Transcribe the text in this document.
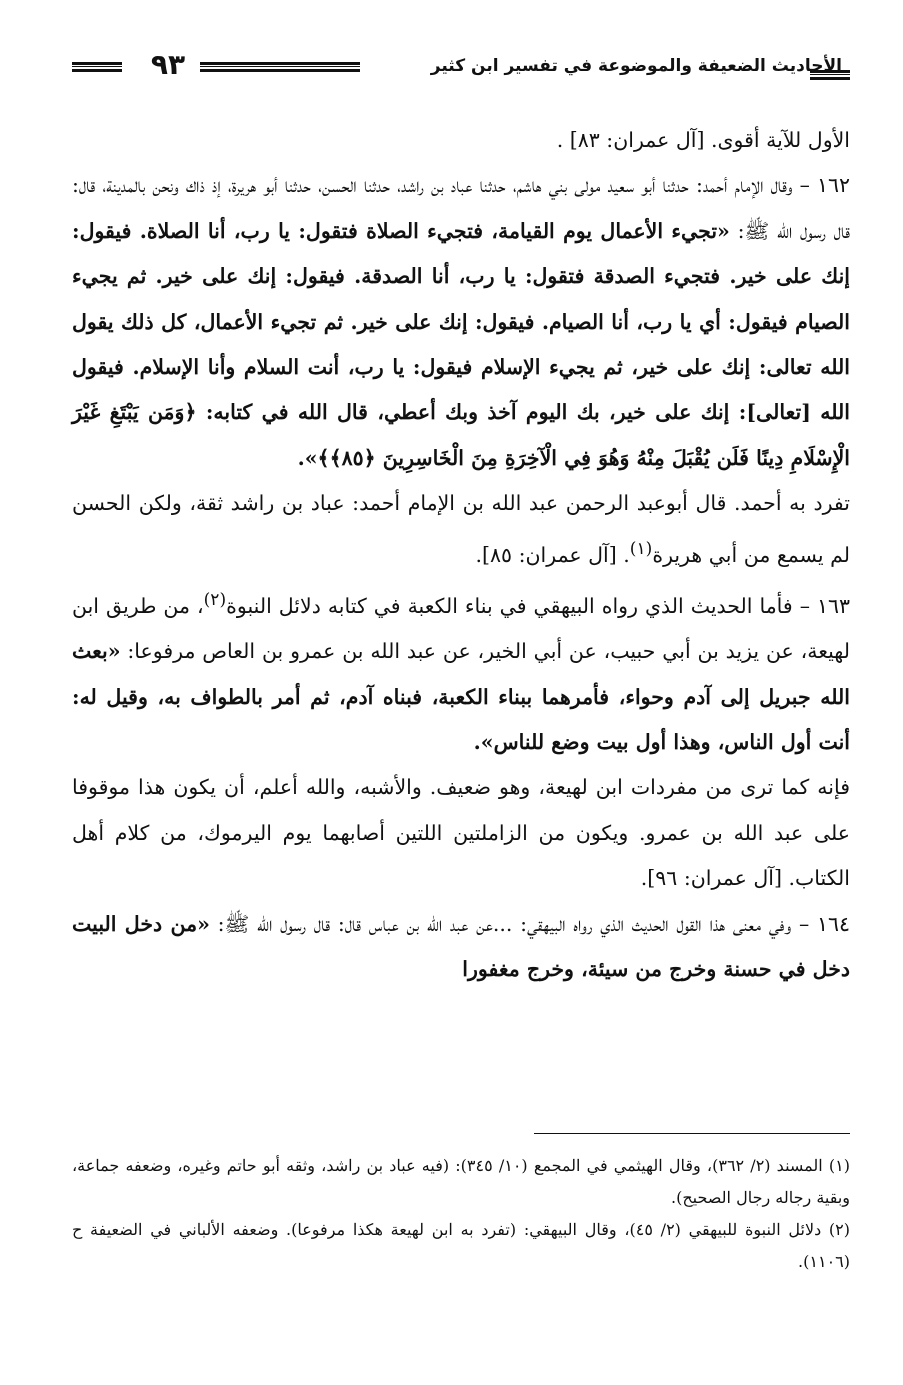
٩٣	الأحاديث الضعيفة والموضوعة في تفسير ابن كثير

الأول للآية أقوى. [آل عمران: ٨٣] .

١٦٢ – وقال الإمام أحمد: حدثنا أبو سعيد مولى بني هاشم، حدثنا عباد بن راشد، حدثنا الحسن، حدثنا أبو هريرة، إذ ذاك ونحن بالمدينة، قال: قال رسول الله ﷺ: «تجيء الأعمال يوم القيامة، فتجيء الصلاة فتقول: يا رب، أنا الصلاة. فيقول: إنك على خير. فتجيء الصدقة فتقول: يا رب، أنا الصدقة. فيقول: إنك على خير. ثم يجيء الصيام فيقول: أي يا رب، أنا الصيام. فيقول: إنك على خير. ثم تجيء الأعمال، كل ذلك يقول الله تعالى: إنك على خير، ثم يجيء الإسلام فيقول: يا رب، أنت السلام وأنا الإسلام. فيقول الله [تعالى]: إنك على خير، بك اليوم آخذ وبك أعطي، قال الله في كتابه: ﴿وَمَن يَبْتَغِ غَيْرَ الْإِسْلَامِ دِينًا فَلَن يُقْبَلَ مِنْهُ وَهُوَ فِي الْآخِرَةِ مِنَ الْخَاسِرِينَ ﴿٨٥﴾﴾».

تفرد به أحمد. قال أبوعبد الرحمن عبد الله بن الإمام أحمد: عباد بن راشد ثقة، ولكن الحسن لم يسمع من أبي هريرة$^{(١)}$. [آل عمران: ٨٥].

١٦٣ – فأما الحديث الذي رواه البيهقي في بناء الكعبة في كتابه دلائل النبوة$^{(٢)}$، من طريق ابن لهيعة، عن يزيد بن أبي حبيب، عن أبي الخير، عن عبد الله بن عمرو بن العاص مرفوعا: «بعث الله جبريل إلى آدم وحواء، فأمرهما ببناء الكعبة، فبناه آدم، ثم أمر بالطواف به، وقيل له: أنت أول الناس، وهذا أول بيت وضع للناس».

فإنه كما ترى من مفردات ابن لهيعة، وهو ضعيف. والأشبه، والله أعلم، أن يكون هذا موقوفا على عبد الله بن عمرو. ويكون من الزاملتين اللتين أصابهما يوم اليرموك، من كلام أهل الكتاب. [آل عمران: ٩٦].

١٦٤ – وفي معنى هذا القول الحديث الذي رواه البيهقي: ...عن عبد الله بن عباس قال: قال رسول الله ﷺ: «من دخل البيت دخل في حسنة وخرج من سيئة، وخرج مغفورا

(١) المسند (٢/ ٣٦٢)، وقال الهيثمي في المجمع (١٠/ ٣٤٥): (فيه عباد بن راشد، وثقه أبو حاتم وغيره، وضعفه جماعة، وبقية رجاله رجال الصحيح).

(٢) دلائل النبوة للبيهقي (٢/ ٤٥)، وقال البيهقي: (تفرد به ابن لهيعة هكذا مرفوعا). وضعفه الألباني في الضعيفة ح (١١٠٦).
